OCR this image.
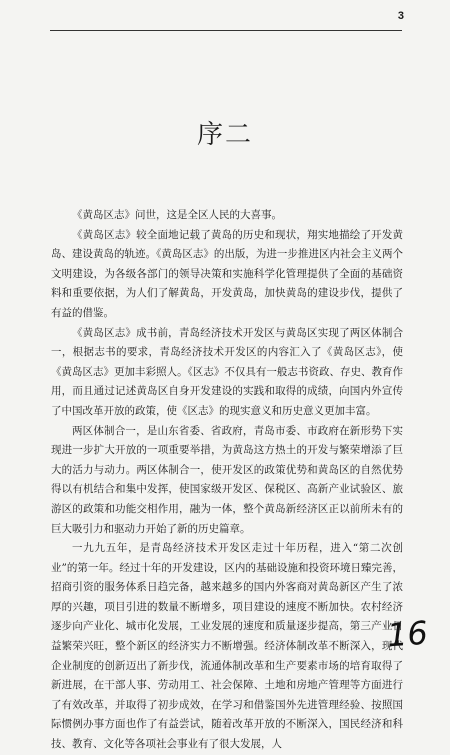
3
序二

《黄岛区志》问世，这是全区人民的大喜事。

《黄岛区志》较全面地记载了黄岛的历史和现状，翔实地描绘了开发黄岛、建设黄岛的轨迹。《黄岛区志》的出版，为进一步推进区内社会主义两个文明建设，为各级各部门的领导决策和实施科学化管理提供了全面的基础资料和重要依据，为人们了解黄岛，开发黄岛，加快黄岛的建设步伐，提供了有益的借鉴。

《黄岛区志》成书前，青岛经济技术开发区与黄岛区实现了两区体制合一，根据志书的要求，青岛经济技术开发区的内容汇入了《黄岛区志》，使《黄岛区志》更加丰彩照人。《区志》不仅具有一般志书资政、存史、教育作用，而且通过记述黄岛区自身开发建设的实践和取得的成绩，向国内外宣传了中国改革开放的政策，使《区志》的现实意义和历史意义更加丰富。

两区体制合一，是山东省委、省政府，青岛市委、市政府在新形势下实现进一步扩大开放的一项重要举措，为黄岛这方热土的开发与繁荣增添了巨大的活力与动力。两区体制合一，使开发区的政策优势和黄岛区的自然优势得以有机结合和集中发挥，使国家级开发区、保税区、高新产业试验区、旅游区的政策和功能交相作用，融为一体，整个黄岛新经济区正以前所未有的巨大吸引力和驱动力开始了新的历史篇章。

一九九五年，是青岛经济技术开发区走过十年历程，进入“第二次创业”的第一年。经过十年的开发建设，区内的基础设施和投资环境日臻完善，招商引资的服务体系日趋完备，越来越多的国内外客商对黄岛新区产生了浓厚的兴趣，项目引进的数量不断增多，项目建设的速度不断加快。农村经济逐步向产业化、城市化发展，工业发展的速度和质量逐步提高，第三产业日益繁荣兴旺，整个新区的经济实力不断增强。经济体制改革不断深入，现代企业制度的创新迈出了新步伐，流通体制改革和生产要素市场的培育取得了新进展，在干部人事、劳动用工、社会保障、土地和房地产管理等方面进行了有效改革，并取得了初步成效，在学习和借鉴国外先进管理经验、按照国际惯例办事方面也作了有益尝试，随着改革开放的不断深入，国民经济和科技、教育、文化等各项社会事业有了很大发展，人

16
